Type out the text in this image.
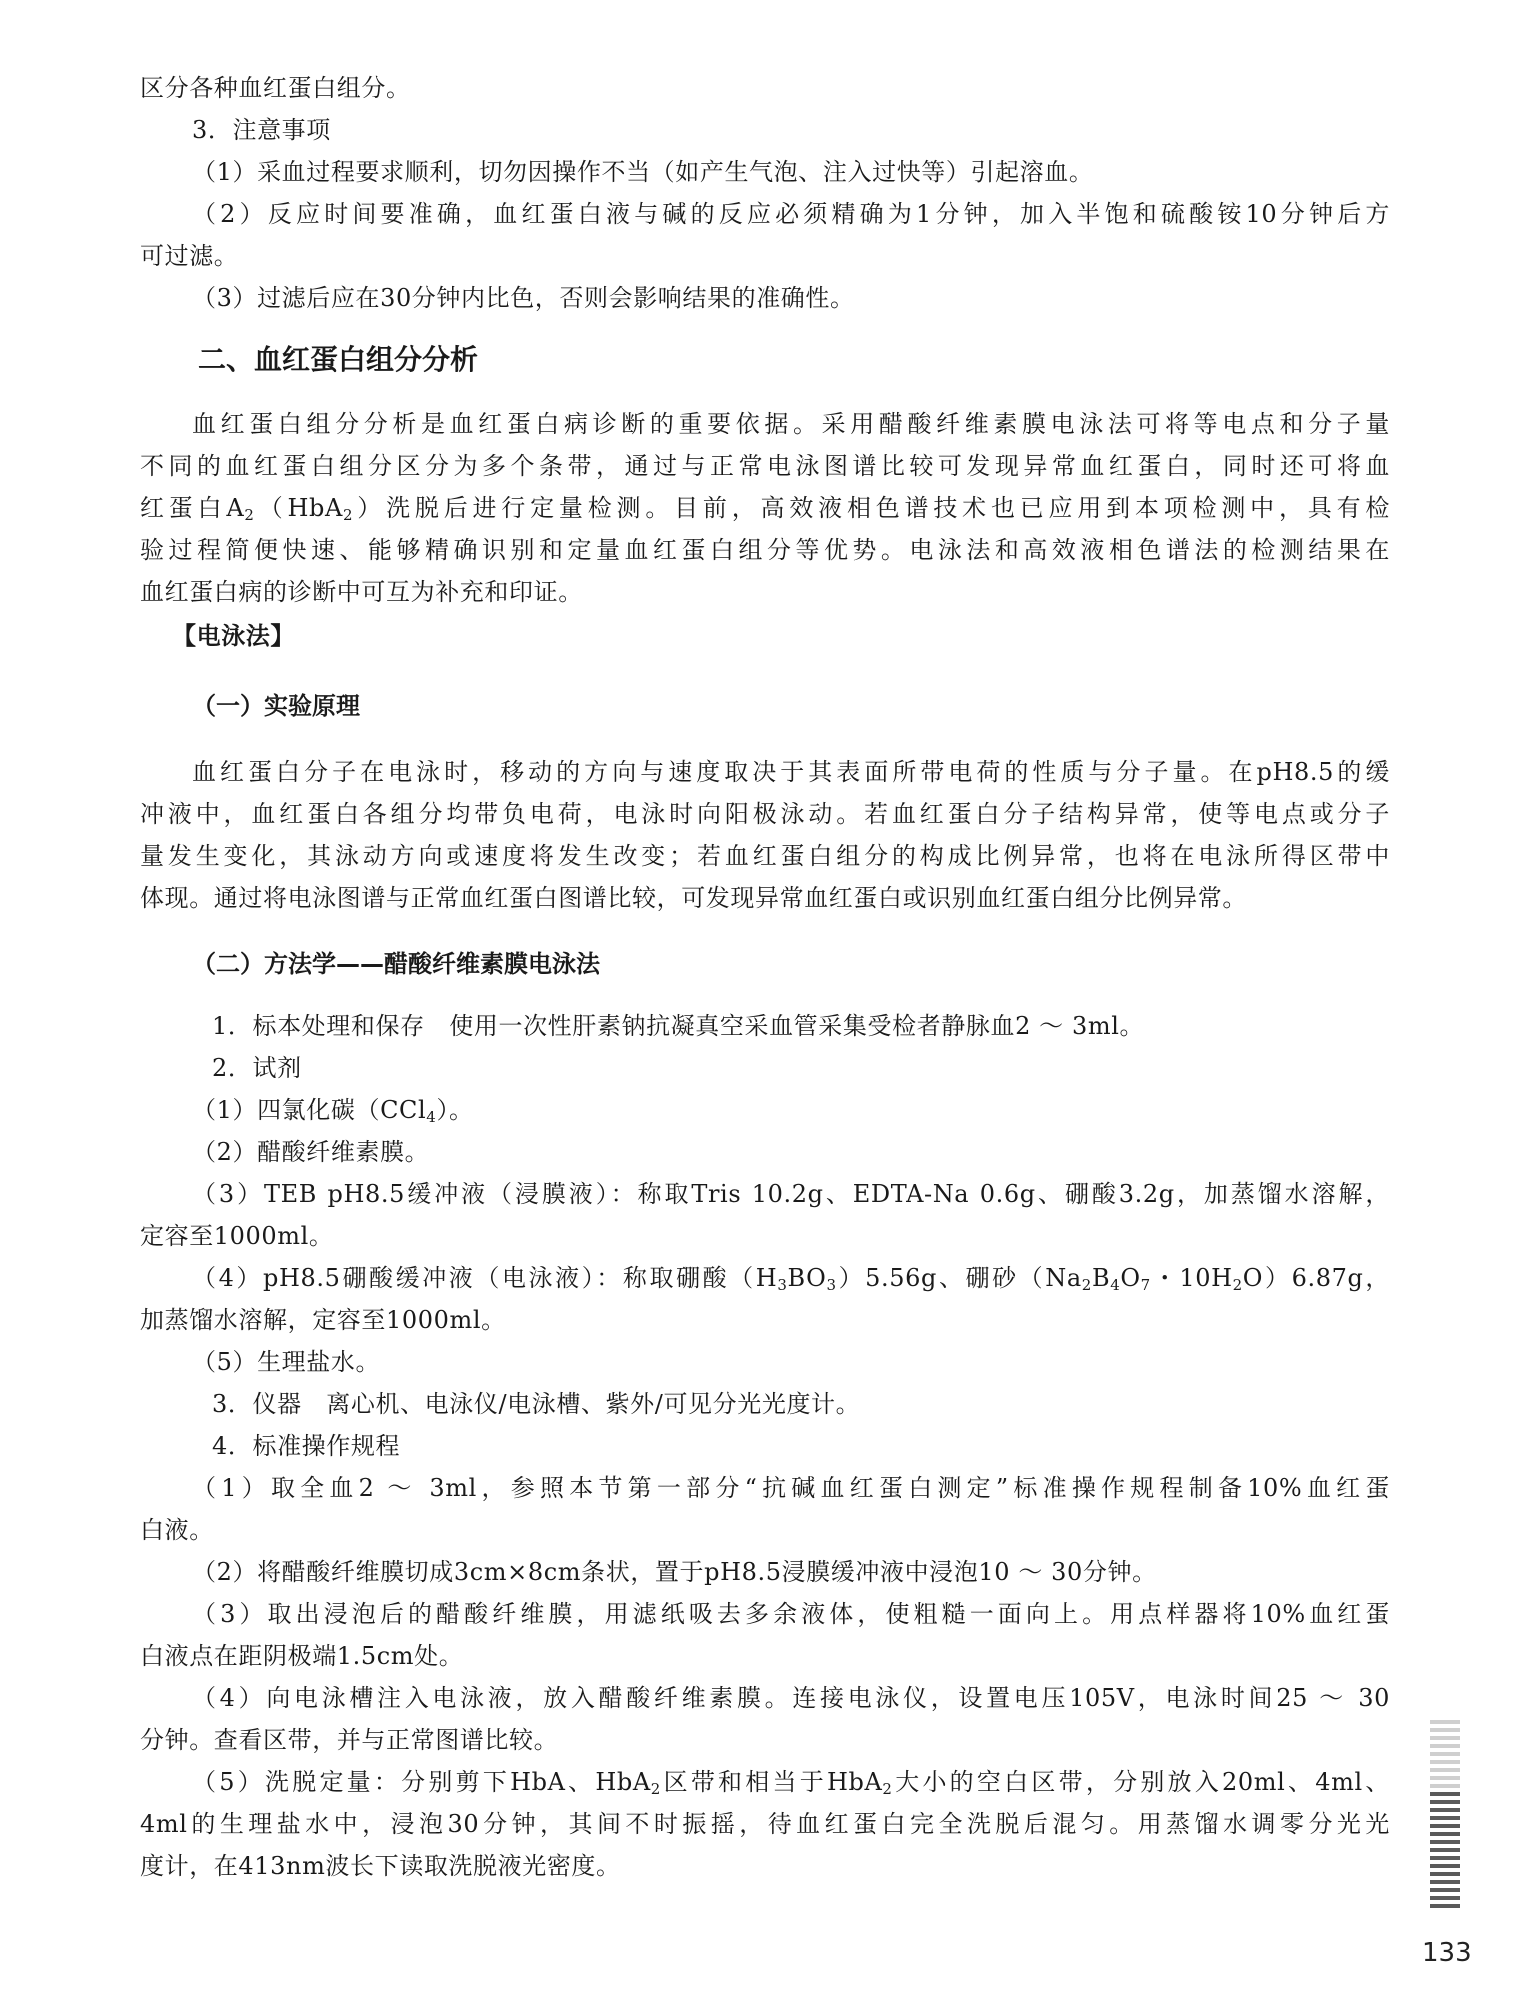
区分各种血红蛋白组分。
3．注意事项
（1）采血过程要求顺利，切勿因操作不当（如产生气泡、注入过快等）引起溶血。
（2）反应时间要准确，血红蛋白液与碱的反应必须精确为1分钟，加入半饱和硫酸铵10分钟后方
可过滤。
（3）过滤后应在30分钟内比色，否则会影响结果的准确性。
二、血红蛋白组分分析
血红蛋白组分分析是血红蛋白病诊断的重要依据。采用醋酸纤维素膜电泳法可将等电点和分子量
不同的血红蛋白组分区分为多个条带，通过与正常电泳图谱比较可发现异常血红蛋白，同时还可将血
红蛋白$A_2(HbA_2)$洗脱后进行定量检测。目前，高效液相色谱技术也已应用到本项检测中，具有检
验过程简便快速、能够精确识别和定量血红蛋白组分等优势。电泳法和高效液相色谱法的检测结果在
血红蛋白病的诊断中可互为补充和印证。
【电泳法】
（一）实验原理
血红蛋白分子在电泳时，移动的方向与速度取决于其表面所带电荷的性质与分子量。在pH8.5的缓
冲液中，血红蛋白各组分均带负电荷，电泳时向阳极泳动。若血红蛋白分子结构异常，使等电点或分子
量发生变化，其泳动方向或速度将发生改变；若血红蛋白组分的构成比例异常，也将在电泳所得区带中
体现。通过将电泳图谱与正常血红蛋白图谱比较，可发现异常血红蛋白或识别血红蛋白组分比例异常。
（二）方法学——醋酸纤维素膜电泳法
1．标本处理和保存　使用一次性肝素钠抗凝真空采血管采集受检者静脉血2 ～ 3ml。
2．试剂
（1）四氯化碳（CCl$_4$）。
（2）醋酸纤维素膜。
（3）TEB pH8.5缓冲液（浸膜液）：称取Tris 10.2g、EDTA-Na 0.6g、硼酸3.2g，加蒸馏水溶解，
定容至1000ml。
（4）pH8.5硼酸缓冲液（电泳液）：称取硼酸$(H_3BO_3)5.56g$、硼砂（$Na_2B_4O_7$・$10H_2O)6.87g$，
加蒸馏水溶解，定容至1000ml。
（5）生理盐水。
3．仪器　离心机、电泳仪/电泳槽、紫外/可见分光光度计。
4．标准操作规程
（1）取全血2 ～ 3ml，参照本节第一部分“抗碱血红蛋白测定”标准操作规程制备10%血红蛋
白液。
（2）将醋酸纤维膜切成3cm×8cm条状，置于pH8.5浸膜缓冲液中浸泡10 ～ 30分钟。
（3）取出浸泡后的醋酸纤维膜，用滤纸吸去多余液体，使粗糙一面向上。用点样器将10%血红蛋
白液点在距阴极端1.5cm处。
（4）向电泳槽注入电泳液，放入醋酸纤维素膜。连接电泳仪，设置电压105V，电泳时间25 ～ 30
分钟。查看区带，并与正常图谱比较。
（5）洗脱定量：分别剪下HbA、HbA$_2$区带和相当于HbA$_2$大小的空白区带，分别放入20ml、4ml、
4ml的生理盐水中，浸泡30分钟，其间不时振摇，待血红蛋白完全洗脱后混匀。用蒸馏水调零分光光
度计，在413nm波长下读取洗脱液光密度。
133
